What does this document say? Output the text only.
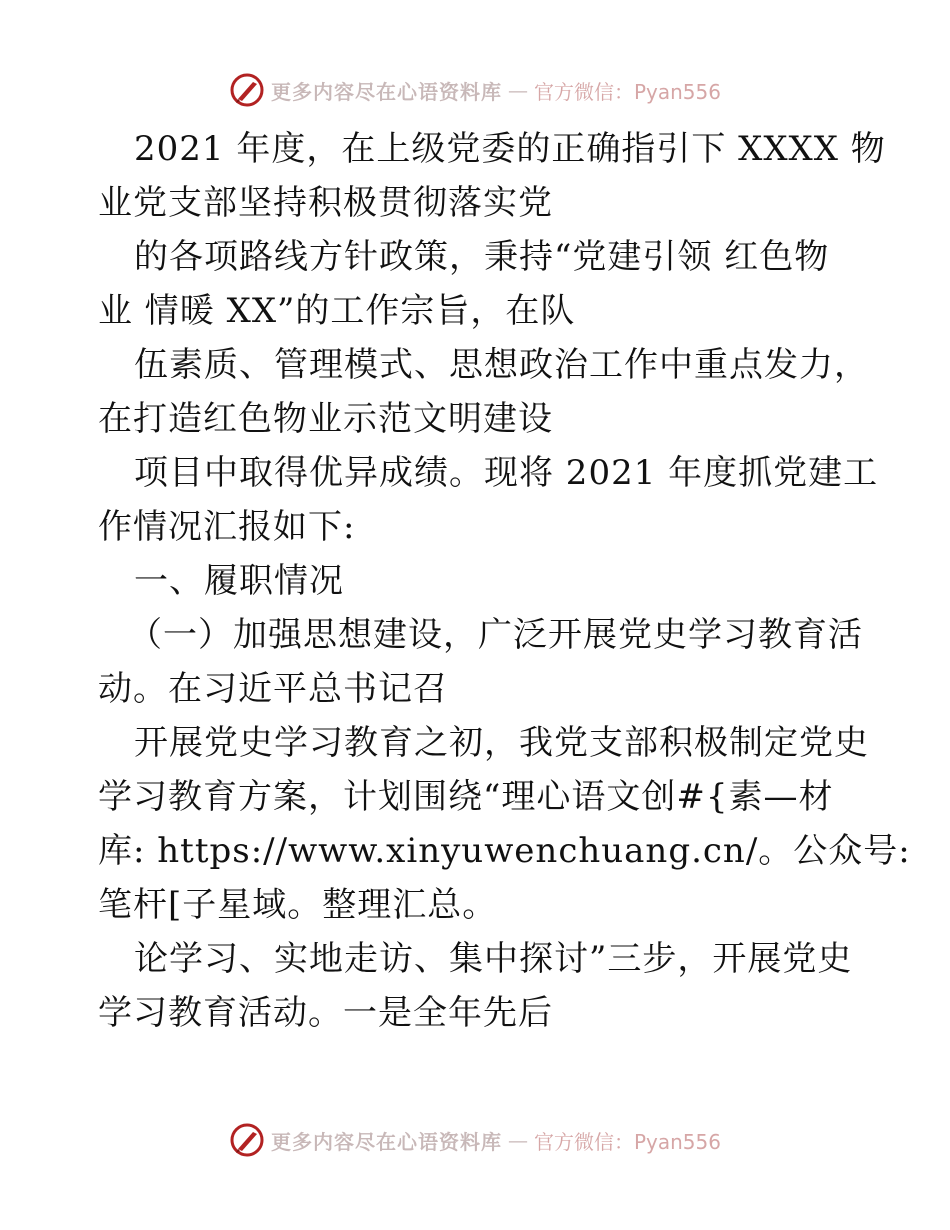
更多内容尽在心语资料库 — 官方微信：Pyan556
2021 年度，在上级党委的正确指引下 XXXX 物
业党支部坚持积极贯彻落实党
的各项路线方针政策，秉持“党建引领 红色物
业 情暖 XX”的工作宗旨，在队
伍素质、管理模式、思想政治工作中重点发力，
在打造红色物业示范文明建设
项目中取得优异成绩。现将 2021 年度抓党建工
作情况汇报如下:
一、履职情况
（一）加强思想建设，广泛开展党史学习教育活
动。在习近平总书记召
开展党史学习教育之初，我党支部积极制定党史
学习教育方案，计划围绕“理心语文创#{素—材
库: https://www.xinyuwenchuang.cn/。公众号:
笔杆[子星域。整理汇总。
论学习、实地走访、集中探讨”三步，开展党史
学习教育活动。一是全年先后
更多内容尽在心语资料库 — 官方微信：Pyan556
